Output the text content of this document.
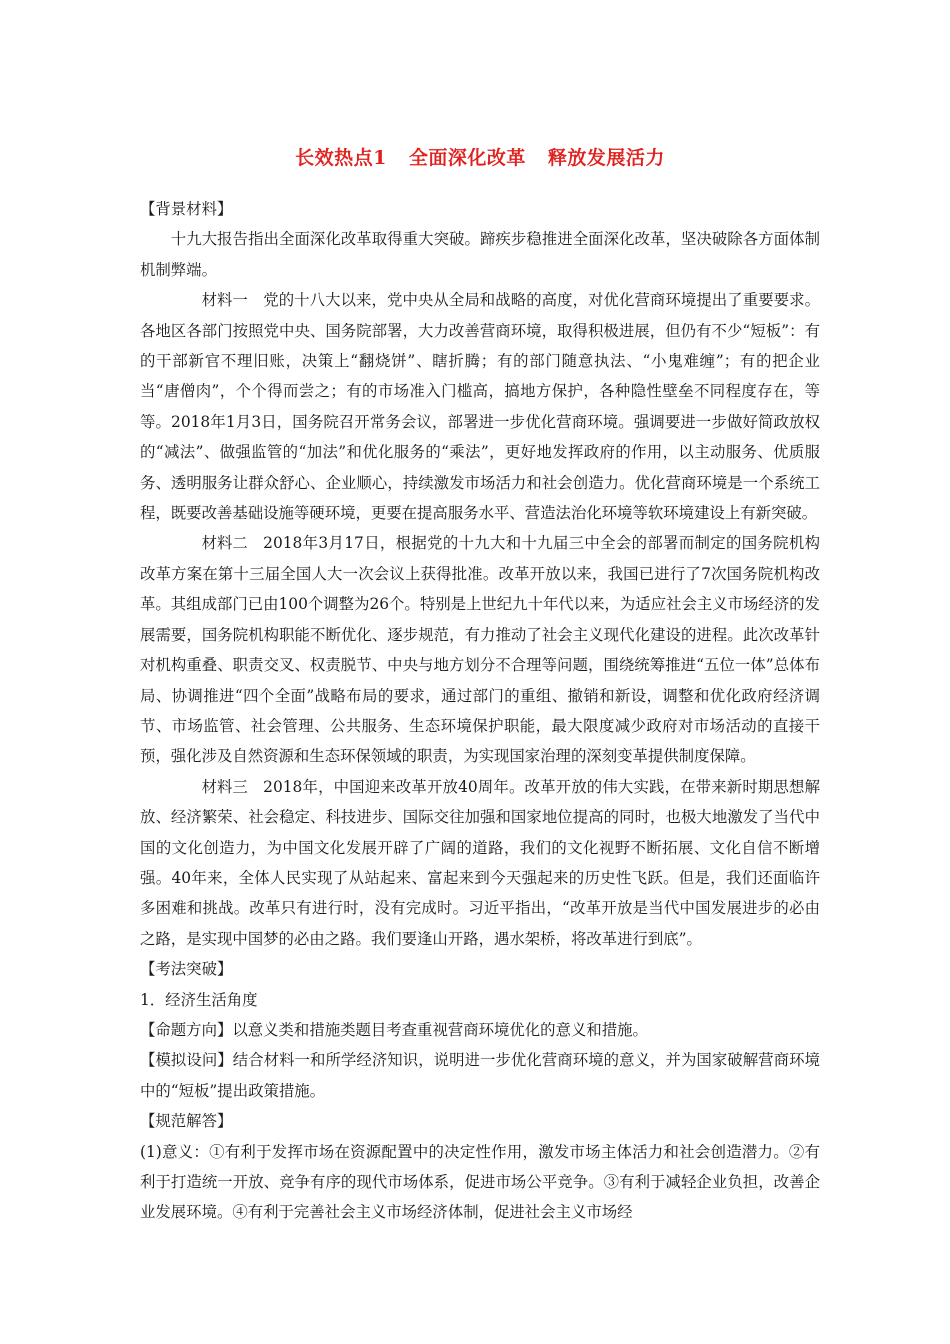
长效热点1 全面深化改革 释放发展活力

【背景材料】

十九大报告指出全面深化改革取得重大突破。蹄疾步稳推进全面深化改革，坚决破除各方面体制机制弊端。

材料一 党的十八大以来，党中央从全局和战略的高度，对优化营商环境提出了重要要求。各地区各部门按照党中央、国务院部署，大力改善营商环境，取得积极进展，但仍有不少“短板”：有的干部新官不理旧账，决策上“翻烧饼”、瞎折腾；有的部门随意执法、“小鬼难缠”；有的把企业当“唐僧肉”，个个得而尝之；有的市场准入门槛高，搞地方保护，各种隐性壁垒不同程度存在，等等。2018年1月3日，国务院召开常务会议，部署进一步优化营商环境。强调要进一步做好简政放权的“减法”、做强监管的“加法”和优化服务的“乘法”，更好地发挥政府的作用，以主动服务、优质服务、透明服务让群众舒心、企业顺心，持续激发市场活力和社会创造力。优化营商环境是一个系统工程，既要改善基础设施等硬环境，更要在提高服务水平、营造法治化环境等软环境建设上有新突破。

材料二 2018年3月17日，根据党的十九大和十九届三中全会的部署而制定的国务院机构改革方案在第十三届全国人大一次会议上获得批准。改革开放以来，我国已进行了7次国务院机构改革。其组成部门已由100个调整为26个。特别是上世纪九十年代以来，为适应社会主义市场经济的发展需要，国务院机构职能不断优化、逐步规范，有力推动了社会主义现代化建设的进程。此次改革针对机构重叠、职责交叉、权责脱节、中央与地方划分不合理等问题，围绕统筹推进“五位一体”总体布局、协调推进“四个全面”战略布局的要求，通过部门的重组、撤销和新设，调整和优化政府经济调节、市场监管、社会管理、公共服务、生态环境保护职能，最大限度减少政府对市场活动的直接干预，强化涉及自然资源和生态环保领域的职责，为实现国家治理的深刻变革提供制度保障。

材料三 2018年，中国迎来改革开放40周年。改革开放的伟大实践，在带来新时期思想解放、经济繁荣、社会稳定、科技进步、国际交往加强和国家地位提高的同时，也极大地激发了当代中国的文化创造力，为中国文化发展开辟了广阔的道路，我们的文化视野不断拓展、文化自信不断增强。40年来，全体人民实现了从站起来、富起来到今天强起来的历史性飞跃。但是，我们还面临许多困难和挑战。改革只有进行时，没有完成时。习近平指出，“改革开放是当代中国发展进步的必由之路，是实现中国梦的必由之路。我们要逢山开路，遇水架桥，将改革进行到底”。

【考法突破】

1．经济生活角度

【命题方向】以意义类和措施类题目考查重视营商环境优化的意义和措施。

【模拟设问】结合材料一和所学经济知识，说明进一步优化营商环境的意义，并为国家破解营商环境中的“短板”提出政策措施。

【规范解答】

(1)意义：①有利于发挥市场在资源配置中的决定性作用，激发市场主体活力和社会创造潜力。②有利于打造统一开放、竞争有序的现代市场体系，促进市场公平竞争。③有利于减轻企业负担，改善企业发展环境。④有利于完善社会主义市场经济体制，促进社会主义市场经
